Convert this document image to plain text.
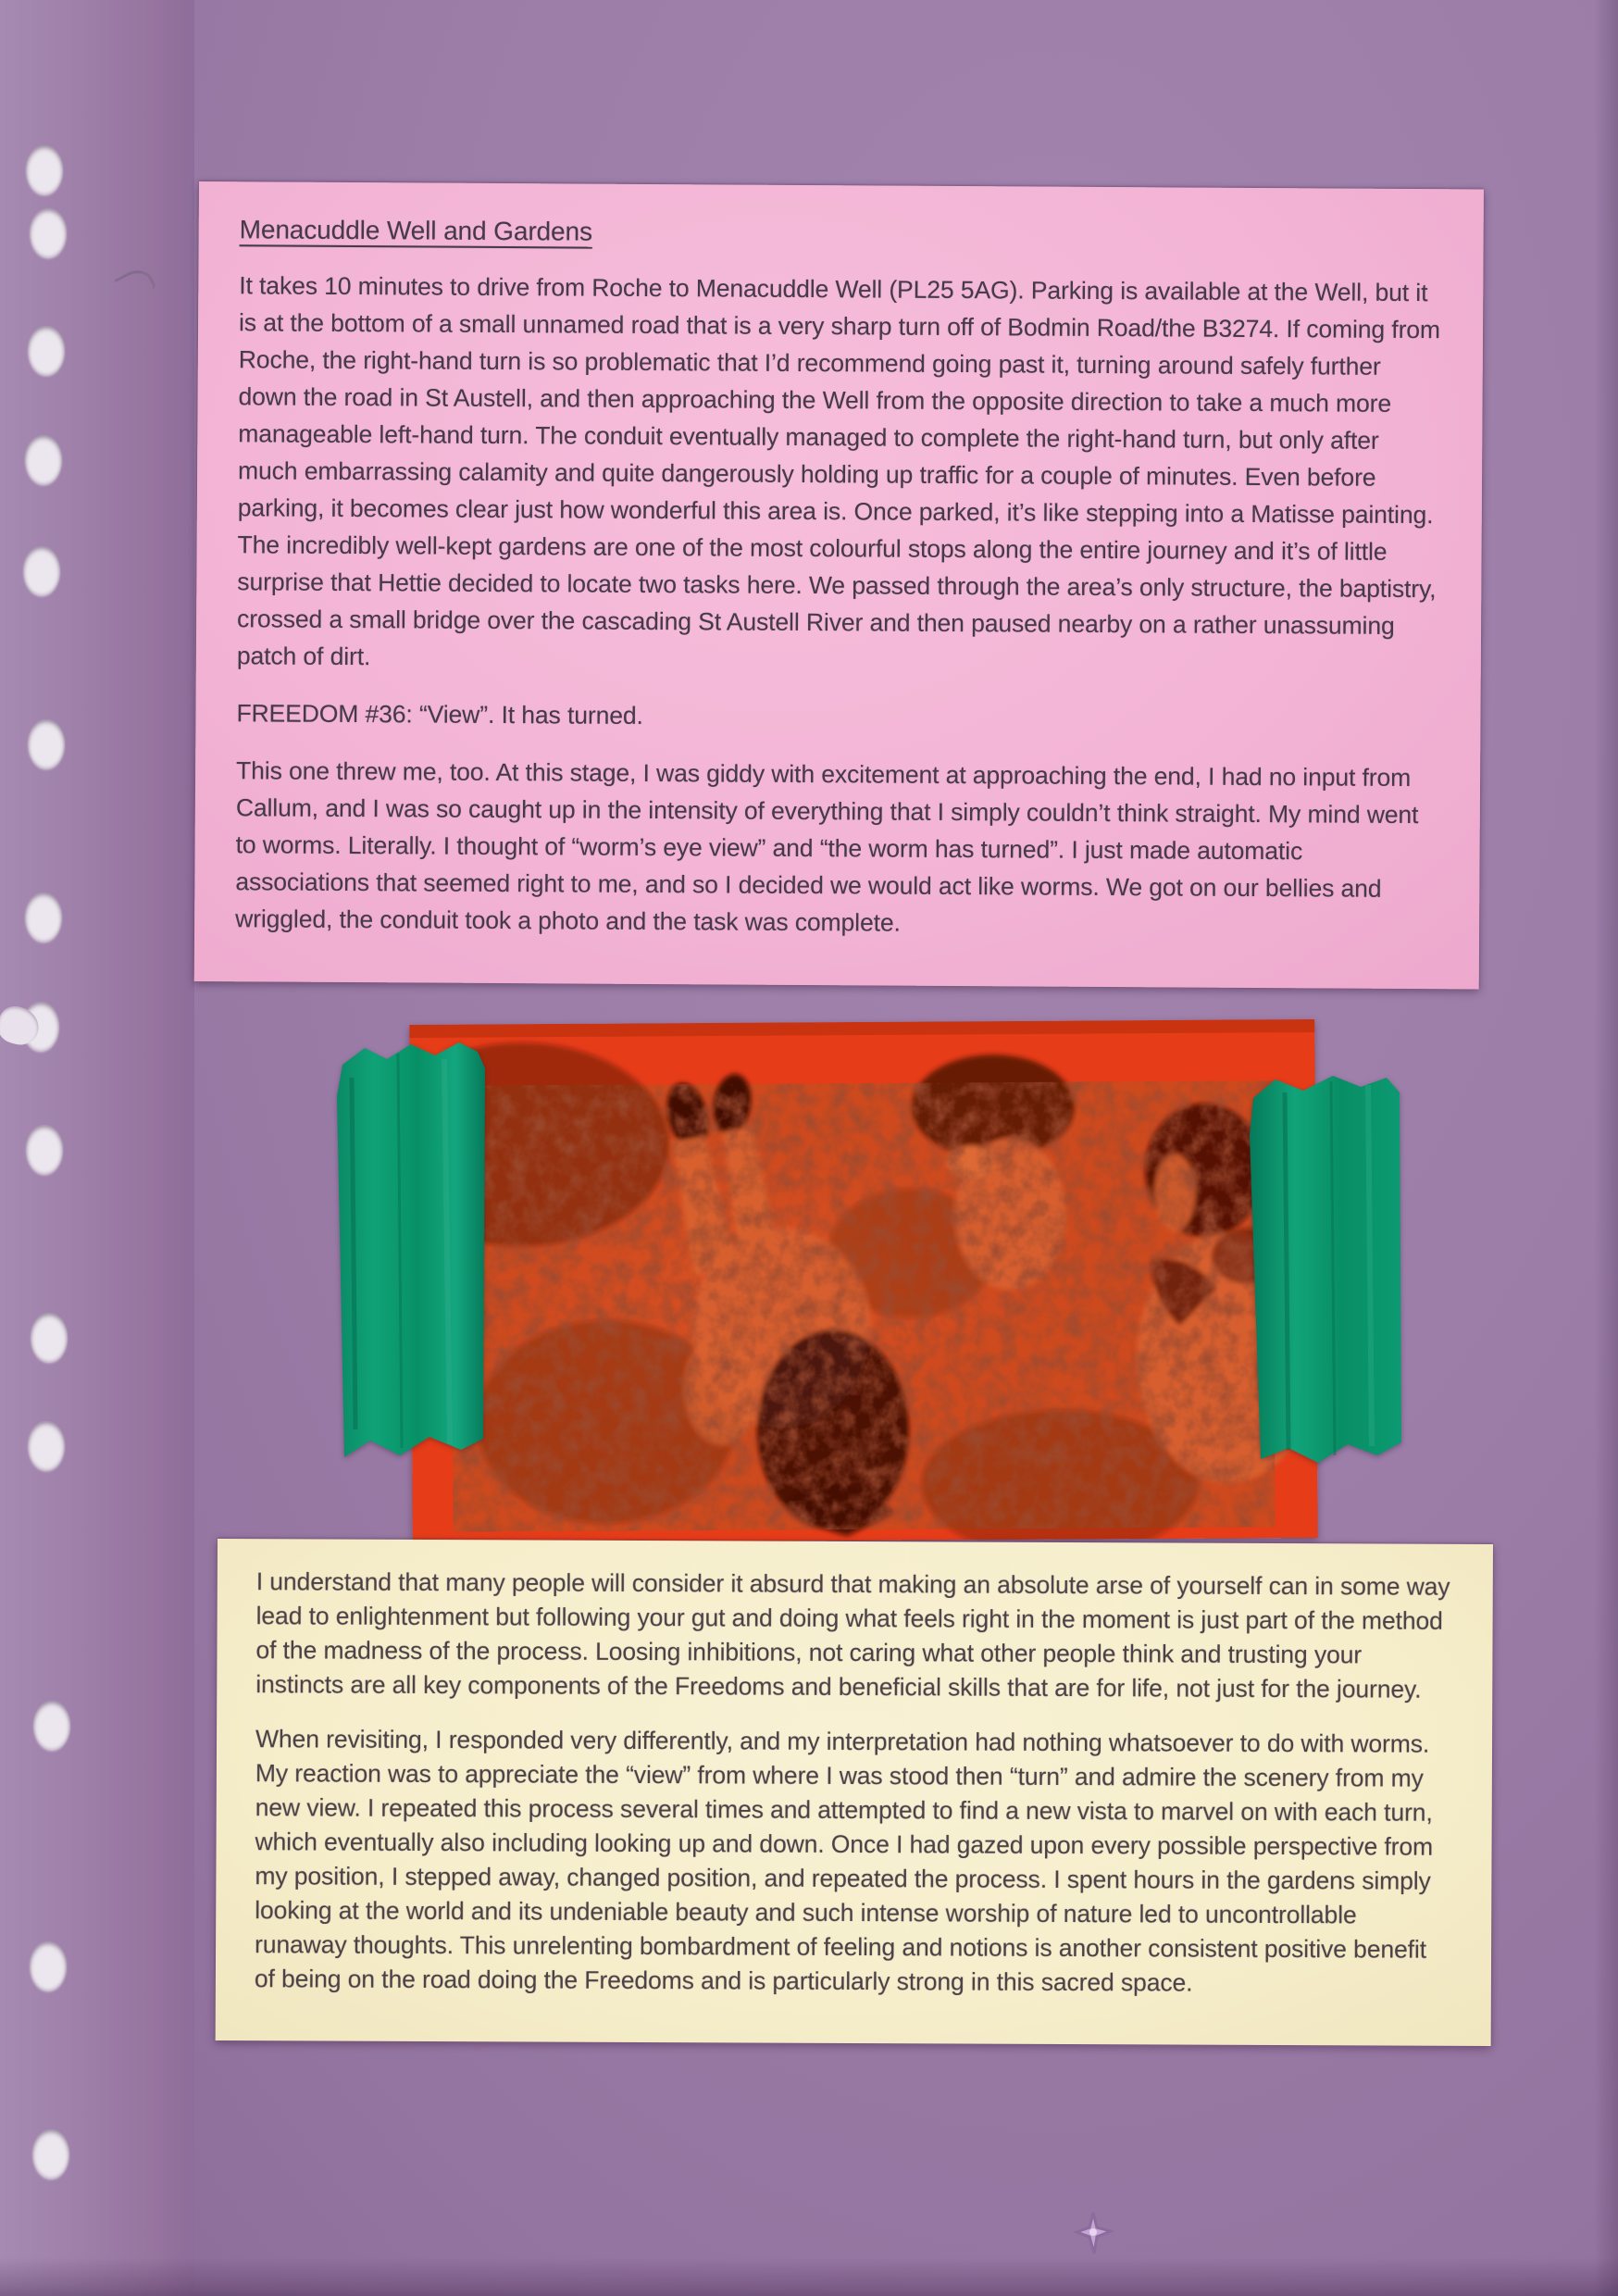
Menacuddle Well and Gardens

It takes 10 minutes to drive from Roche to Menacuddle Well (PL25 5AG). Parking is available at the Well, but it is at the bottom of a small unnamed road that is a very sharp turn off of Bodmin Road/the B3274. If coming from Roche, the right-hand turn is so problematic that I’d recommend going past it, turning around safely further down the road in St Austell, and then approaching the Well from the opposite direction to take a much more manageable left-hand turn. The conduit eventually managed to complete the right-hand turn, but only after much embarrassing calamity and quite dangerously holding up traffic for a couple of minutes. Even before parking, it becomes clear just how wonderful this area is. Once parked, it’s like stepping into a Matisse painting. The incredibly well-kept gardens are one of the most colourful stops along the entire journey and it’s of little surprise that Hettie decided to locate two tasks here. We passed through the area’s only structure, the baptistry, crossed a small bridge over the cascading St Austell River and then paused nearby on a rather unassuming patch of dirt.

FREEDOM #36: “View”. It has turned.

This one threw me, too. At this stage, I was giddy with excitement at approaching the end, I had no input from Callum, and I was so caught up in the intensity of everything that I simply couldn’t think straight. My mind went to worms. Literally. I thought of “worm’s eye view” and “the worm has turned”. I just made automatic associations that seemed right to me, and so I decided we would act like worms. We got on our bellies and wriggled, the conduit took a photo and the task was complete.

I understand that many people will consider it absurd that making an absolute arse of yourself can in some way lead to enlightenment but following your gut and doing what feels right in the moment is just part of the method of the madness of the process. Loosing inhibitions, not caring what other people think and trusting your instincts are all key components of the Freedoms and beneficial skills that are for life, not just for the journey.

When revisiting, I responded very differently, and my interpretation had nothing whatsoever to do with worms. My reaction was to appreciate the “view” from where I was stood then “turn” and admire the scenery from my new view. I repeated this process several times and attempted to find a new vista to marvel on with each turn, which eventually also including looking up and down. Once I had gazed upon every possible perspective from my position, I stepped away, changed position, and repeated the process. I spent hours in the gardens simply looking at the world and its undeniable beauty and such intense worship of nature led to uncontrollable runaway thoughts. This unrelenting bombardment of feeling and notions is another consistent positive benefit of being on the road doing the Freedoms and is particularly strong in this sacred space.
